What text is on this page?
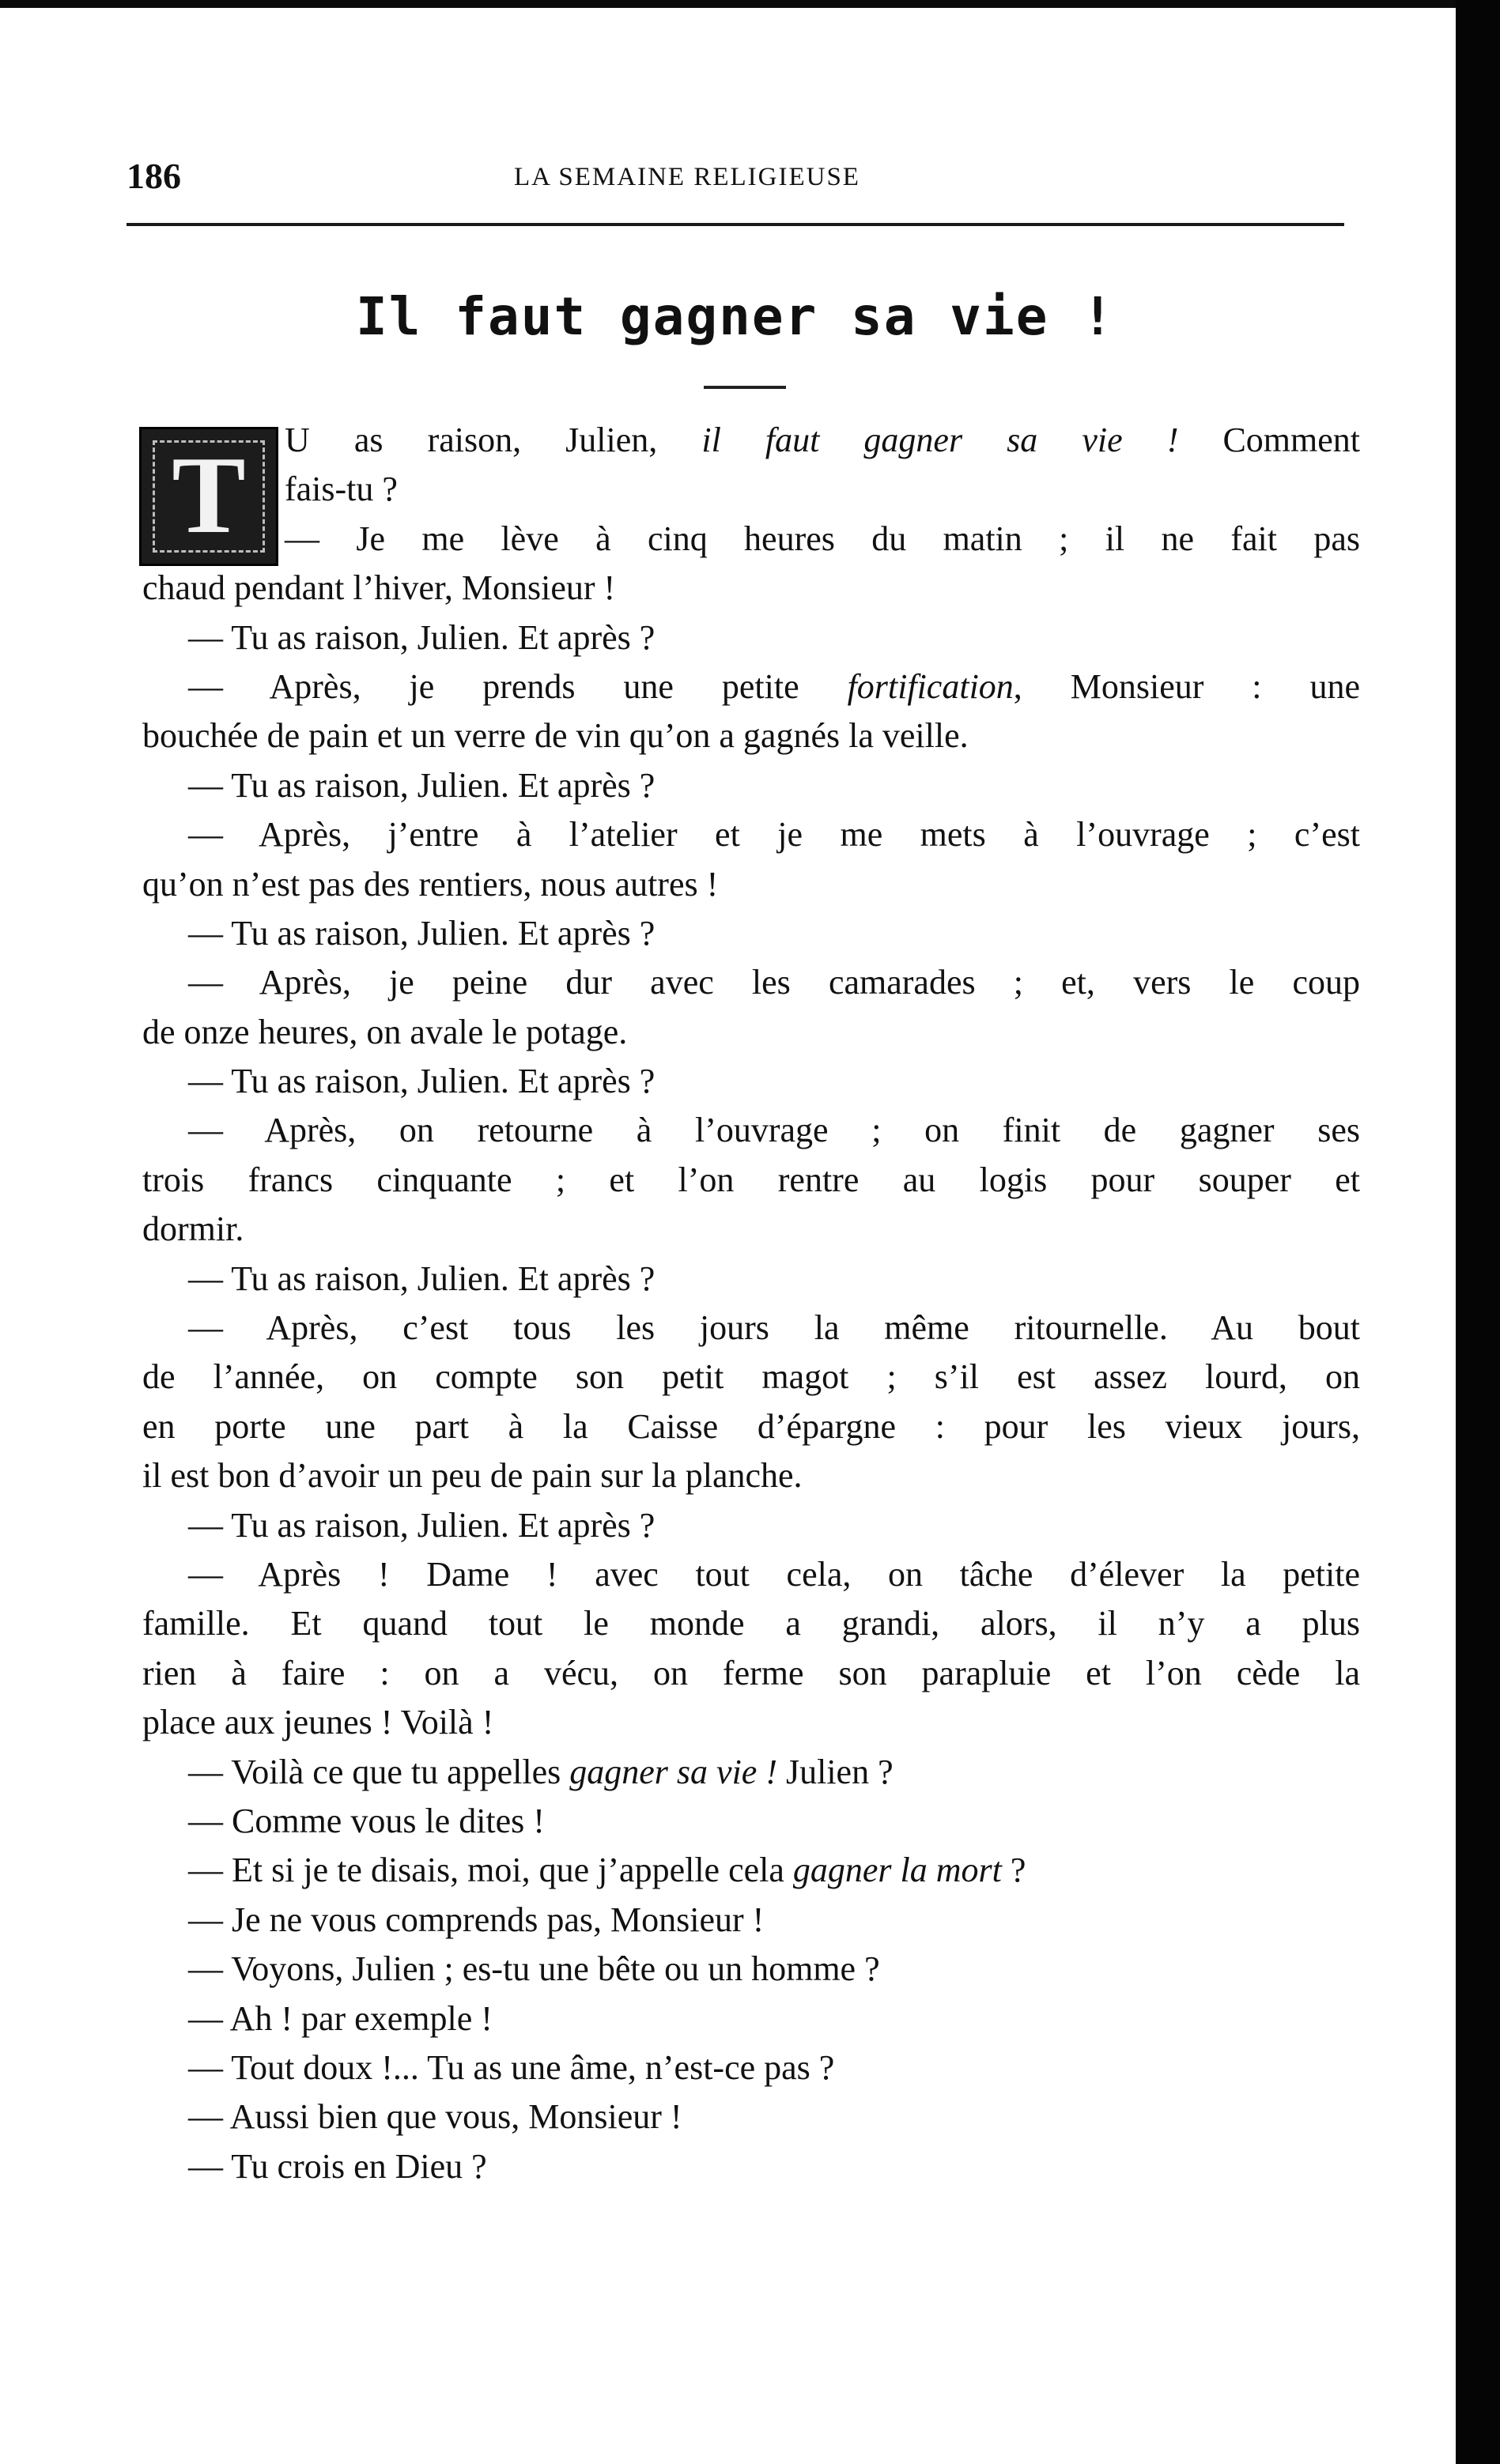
186	LA SEMAINE RELIGIEUSE
Il faut gagner sa vie !
T	U as raison, Julien, il faut gagner sa vie ! Comment
fais-tu ?
— Je me lève à cinq heures du matin ; il ne fait pas
chaud pendant l’hiver, Monsieur !
— Tu as raison, Julien. Et après ?
— Après, je prends une petite fortification, Monsieur : une
bouchée de pain et un verre de vin qu’on a gagnés la veille.
— Tu as raison, Julien. Et après ?
— Après, j’entre à l’atelier et je me mets à l’ouvrage ; c’est
qu’on n’est pas des rentiers, nous autres !
— Tu as raison, Julien. Et après ?
— Après, je peine dur avec les camarades ; et, vers le coup
de onze heures, on avale le potage.
— Tu as raison, Julien. Et après ?
— Après, on retourne à l’ouvrage ; on finit de gagner ses
trois francs cinquante ; et l’on rentre au logis pour souper et
dormir.
— Tu as raison, Julien. Et après ?
— Après, c’est tous les jours la même ritournelle. Au bout
de l’année, on compte son petit magot ; s’il est assez lourd, on
en porte une part à la Caisse d’épargne : pour les vieux jours,
il est bon d’avoir un peu de pain sur la planche.
— Tu as raison, Julien. Et après ?
— Après ! Dame ! avec tout cela, on tâche d’élever la petite
famille. Et quand tout le monde a grandi, alors, il n’y a plus
rien à faire : on a vécu, on ferme son parapluie et l’on cède la
place aux jeunes ! Voilà !
— Voilà ce que tu appelles gagner sa vie ! Julien ?
— Comme vous le dites !
— Et si je te disais, moi, que j’appelle cela gagner la mort ?
— Je ne vous comprends pas, Monsieur !
— Voyons, Julien ; es-tu une bête ou un homme ?
— Ah ! par exemple !
— Tout doux !... Tu as une âme, n’est-ce pas ?
— Aussi bien que vous, Monsieur !
— Tu crois en Dieu ?
